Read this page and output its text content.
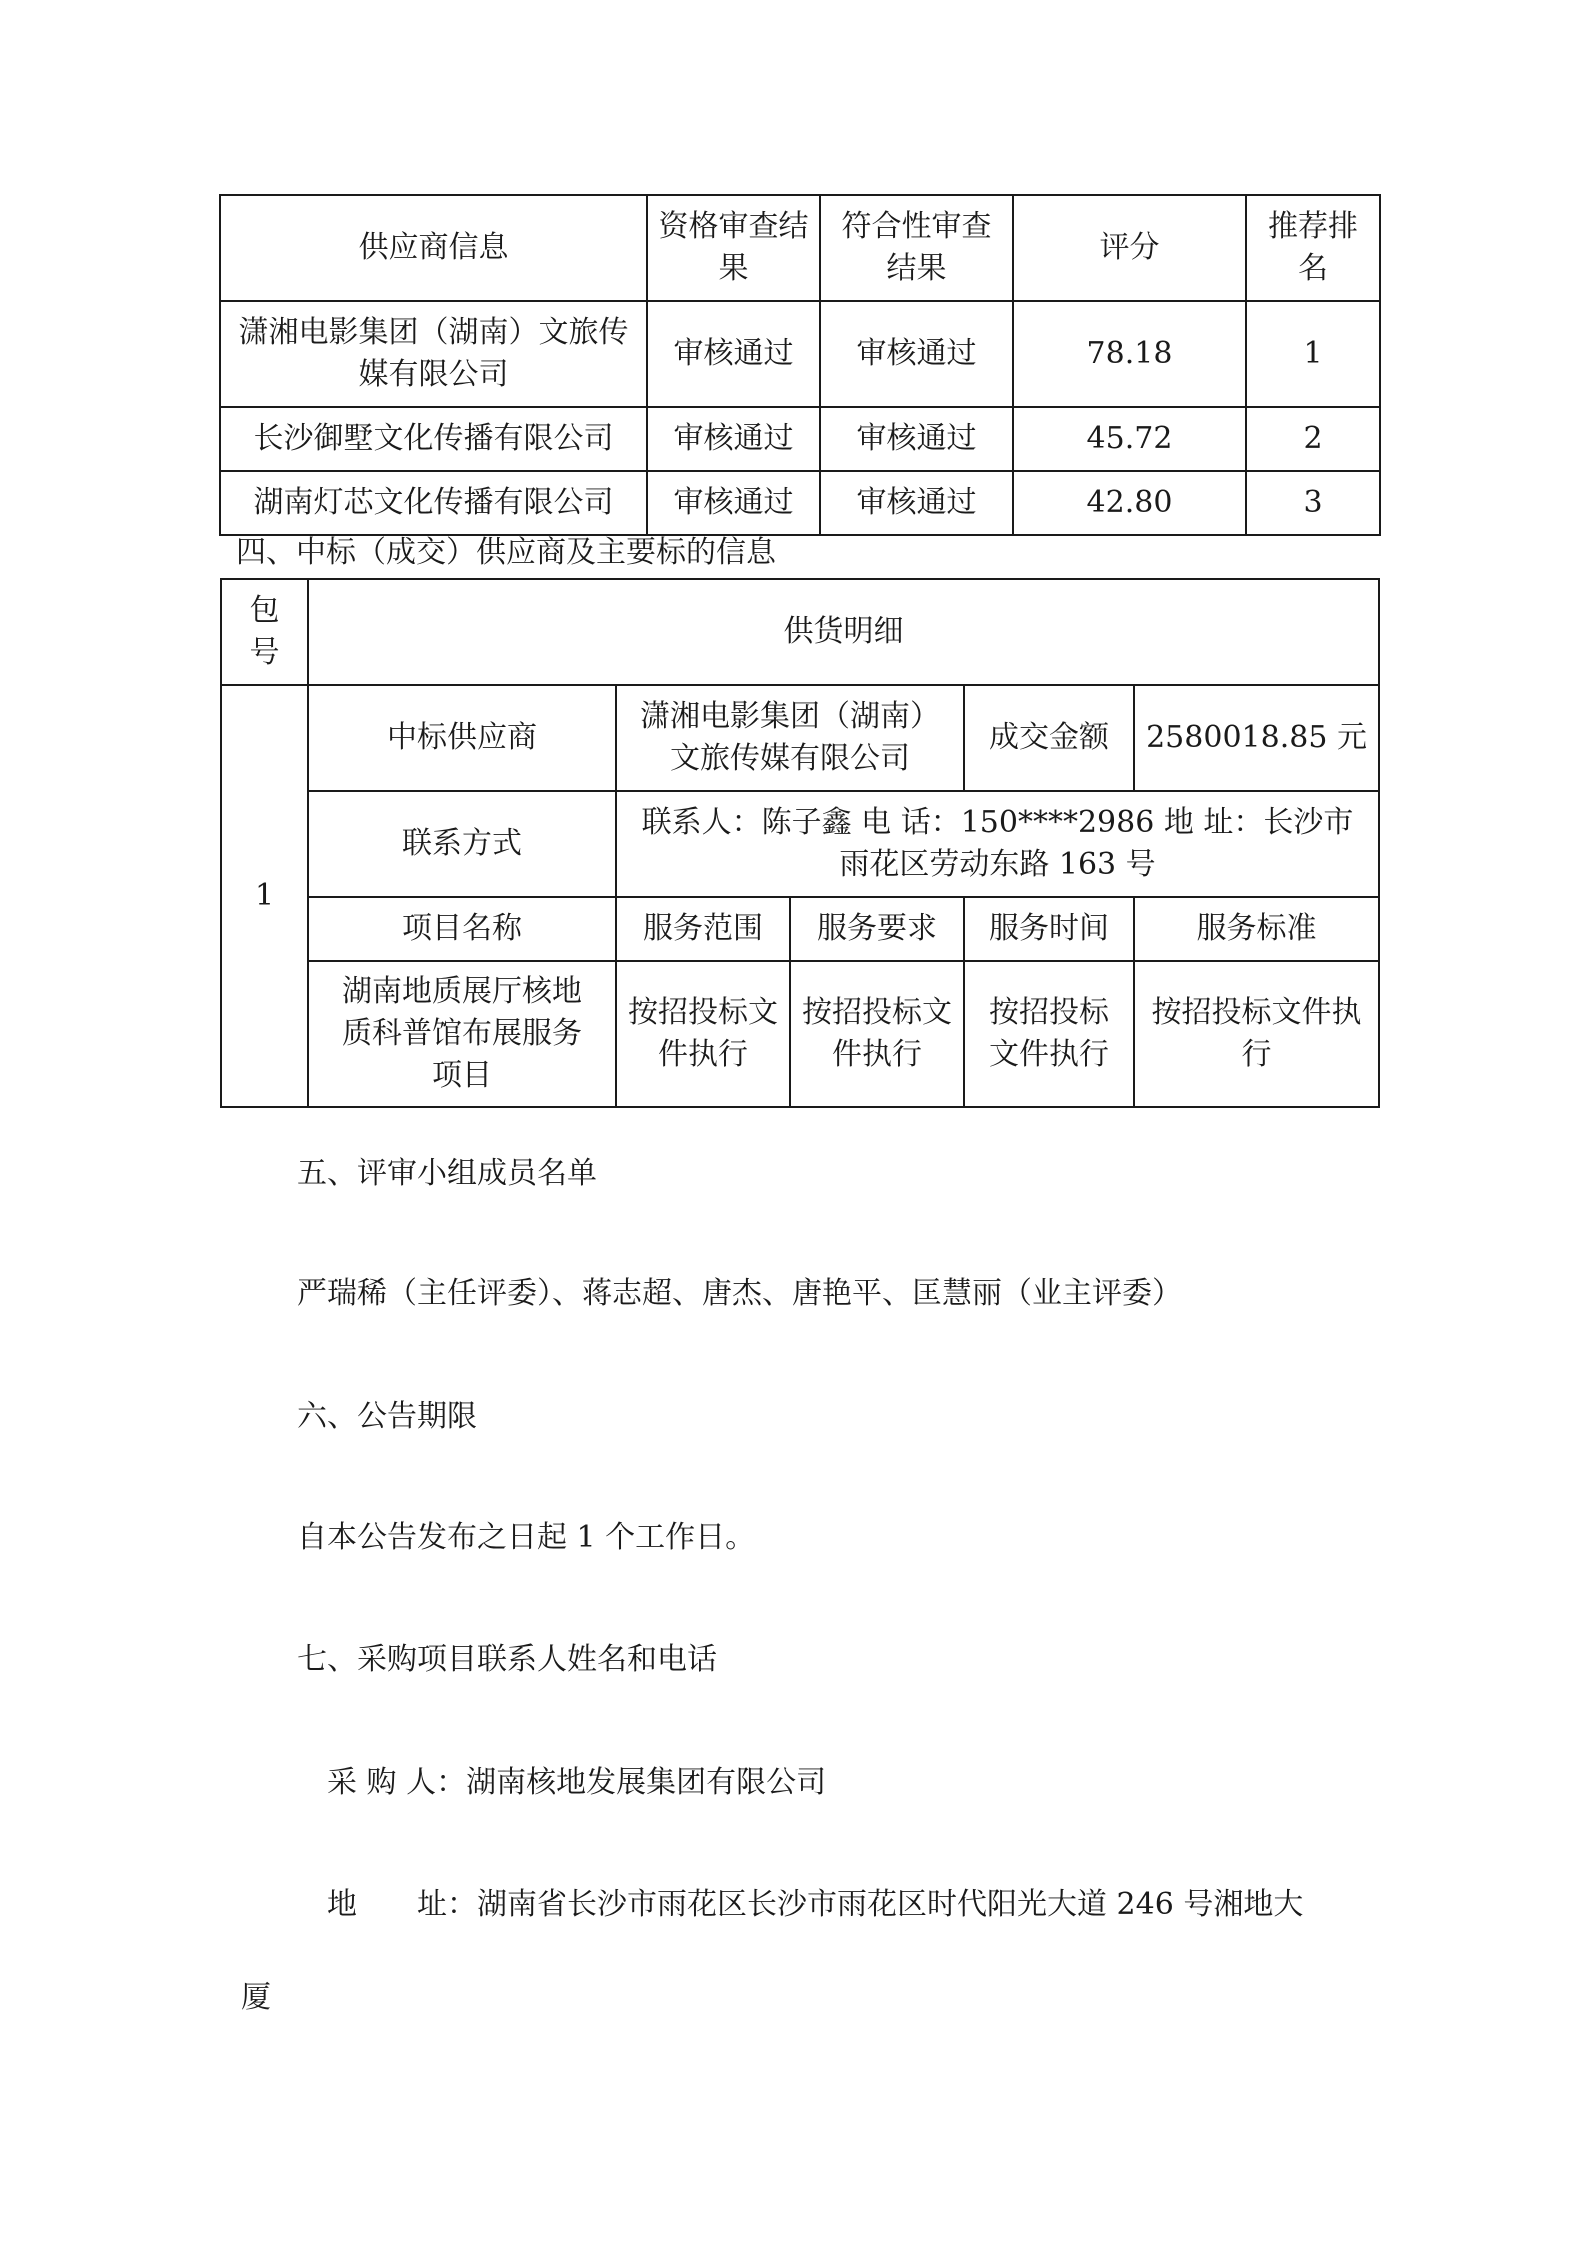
供应商信息	资格审查结果	符合性审查结果	评分	推荐排名
潇湘电影集团（湖南）文旅传媒有限公司	审核通过	审核通过	78.18	1
长沙御墅文化传播有限公司	审核通过	审核通过	45.72	2
湖南灯芯文化传播有限公司	审核通过	审核通过	42.80	3
四、中标（成交）供应商及主要标的信息
包号	供货明细				
1	中标供应商	潇湘电影集团（湖南）文旅传媒有限公司		成交金额	2580018.85 元
	联系方式	联系人：陈子鑫 电 话：150****2986 地 址：长沙市雨花区劳动东路 163 号			
	项目名称	服务范围	服务要求	服务时间	服务标准
	湖南地质展厅核地质科普馆布展服务项目	按招投标文件执行	按招投标文件执行	按招投标文件执行	按招投标文件执行
五、评审小组成员名单
严瑞稀（主任评委）、蒋志超、唐杰、唐艳平、匡慧丽（业主评委）
六、公告期限
自本公告发布之日起 1 个工作日。
七、采购项目联系人姓名和电话
采 购 人：湖南核地发展集团有限公司
地　　址：湖南省长沙市雨花区长沙市雨花区时代阳光大道 246 号湘地大
厦
